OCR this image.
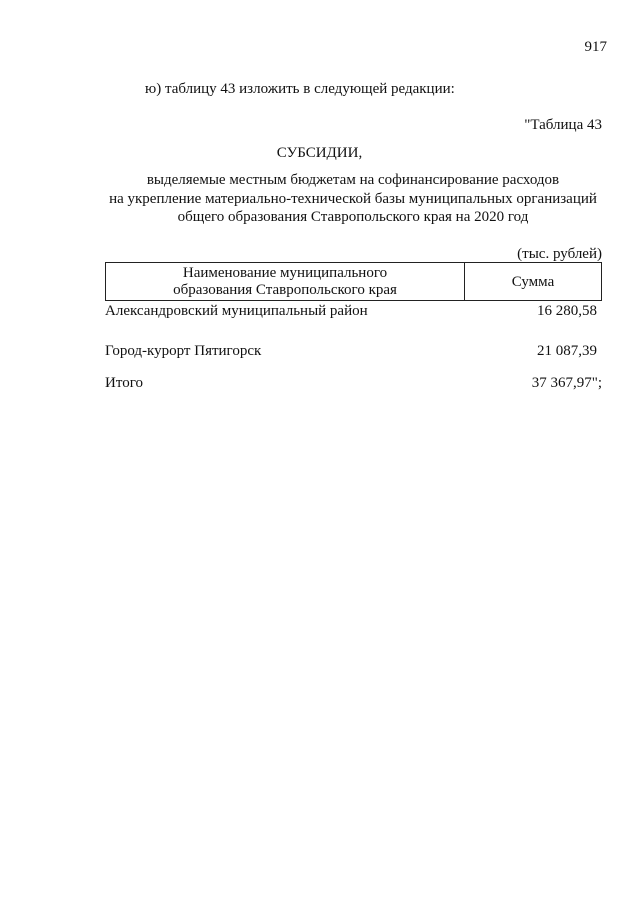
917
ю) таблицу 43 изложить в следующей редакции:
"Таблица 43
СУБСИДИИ,
выделяемые местным бюджетам на софинансирование расходов
на укрепление материально-технической базы муниципальных организаций
общего образования Ставропольского края на 2020 год
(тыс. рублей)
Наименование муниципального
образования Ставропольского края	Сумма
Александровский муниципальный район	16 280,58
Город-курорт Пятигорск	21 087,39
Итого	37 367,97";
